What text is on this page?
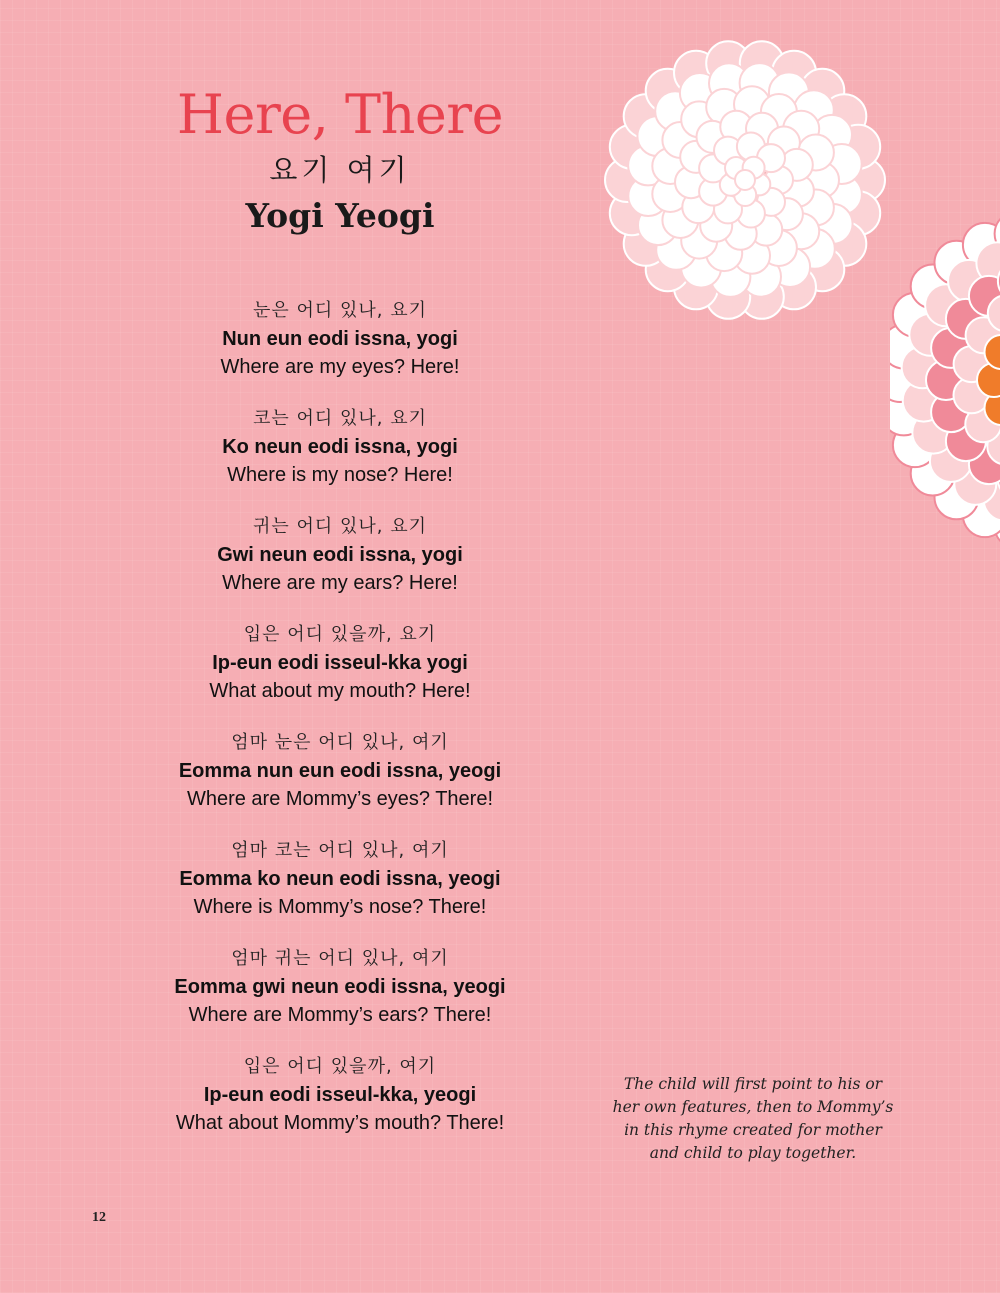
Here, There
요기 여기
Yogi Yeogi
눈은 어디 있나, 요기
Nun eun eodi issna, yogi
Where are my eyes? Here!
코는 어디 있나, 요기
Ko neun eodi issna, yogi
Where is my nose? Here!
귀는 어디 있나, 요기
Gwi neun eodi issna, yogi
Where are my ears? Here!
입은 어디 있을까, 요기
Ip-eun eodi isseul-kka yogi
What about my mouth? Here!
엄마 눈은 어디 있나, 여기
Eomma nun eun eodi issna, yeogi
Where are Mommy’s eyes? There!
엄마 코는 어디 있나, 여기
Eomma ko neun eodi issna, yeogi
Where is Mommy’s nose? There!
엄마 귀는 어디 있나, 여기
Eomma gwi neun eodi issna, yeogi
Where are Mommy’s ears? There!
입은 어디 있을까, 여기
Ip-eun eodi isseul-kka, yeogi
What about Mommy’s mouth? There!
The child will first point to his or
her own features, then to Mommy’s
in this rhyme created for mother
and child to play together.
12
